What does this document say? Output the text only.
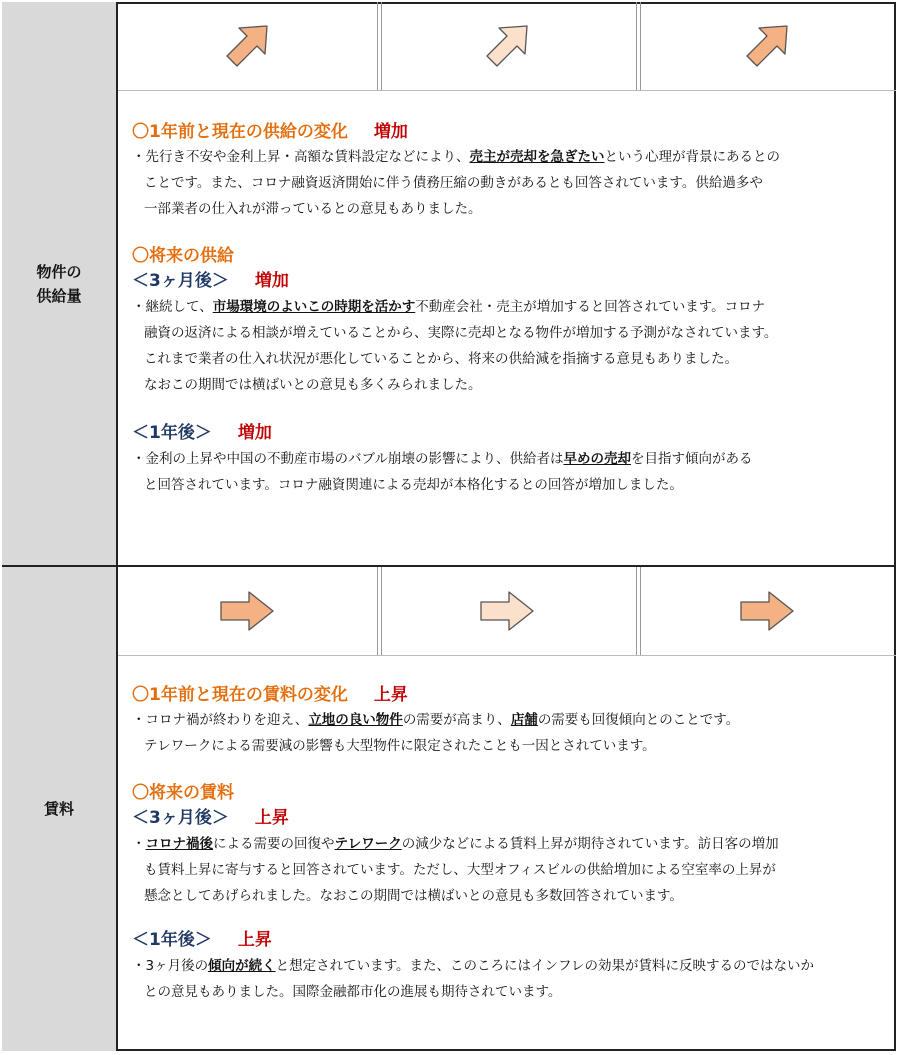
物件の
供給量
〇1年前と現在の供給の変化 増加
・先行き不安や金利上昇・高額な賃料設定などにより、売主が売却を急ぎたいという心理が背景にあるとの
ことです。また、コロナ融資返済開始に伴う債務圧縮の動きがあるとも回答されています。供給過多や
一部業者の仕入れが滞っているとの意見もありました。
〇将来の供給
＜3ヶ月後＞ 増加
・継続して、市場環境のよいこの時期を活かす不動産会社・売主が増加すると回答されています。コロナ
融資の返済による相談が増えていることから、実際に売却となる物件が増加する予測がなされています。
これまで業者の仕入れ状況が悪化していることから、将来の供給減を指摘する意見もありました。
なおこの期間では横ばいとの意見も多くみられました。
＜1年後＞ 増加
・金利の上昇や中国の不動産市場のバブル崩壊の影響により、供給者は早めの売却を目指す傾向がある
と回答されています。コロナ融資関連による売却が本格化するとの回答が増加しました。
賃料
〇1年前と現在の賃料の変化 上昇
・コロナ禍が終わりを迎え、立地の良い物件の需要が高まり、店舗の需要も回復傾向とのことです。
テレワークによる需要減の影響も大型物件に限定されたことも一因とされています。
〇将来の賃料
＜3ヶ月後＞ 上昇
・コロナ禍後による需要の回復やテレワークの減少などによる賃料上昇が期待されています。訪日客の増加
も賃料上昇に寄与すると回答されています。ただし、大型オフィスビルの供給増加による空室率の上昇が
懸念としてあげられました。なおこの期間では横ばいとの意見も多数回答されています。
＜1年後＞ 上昇
・3ヶ月後の傾向が続くと想定されています。また、このころにはインフレの効果が賃料に反映するのではないか
との意見もありました。国際金融都市化の進展も期待されています。
